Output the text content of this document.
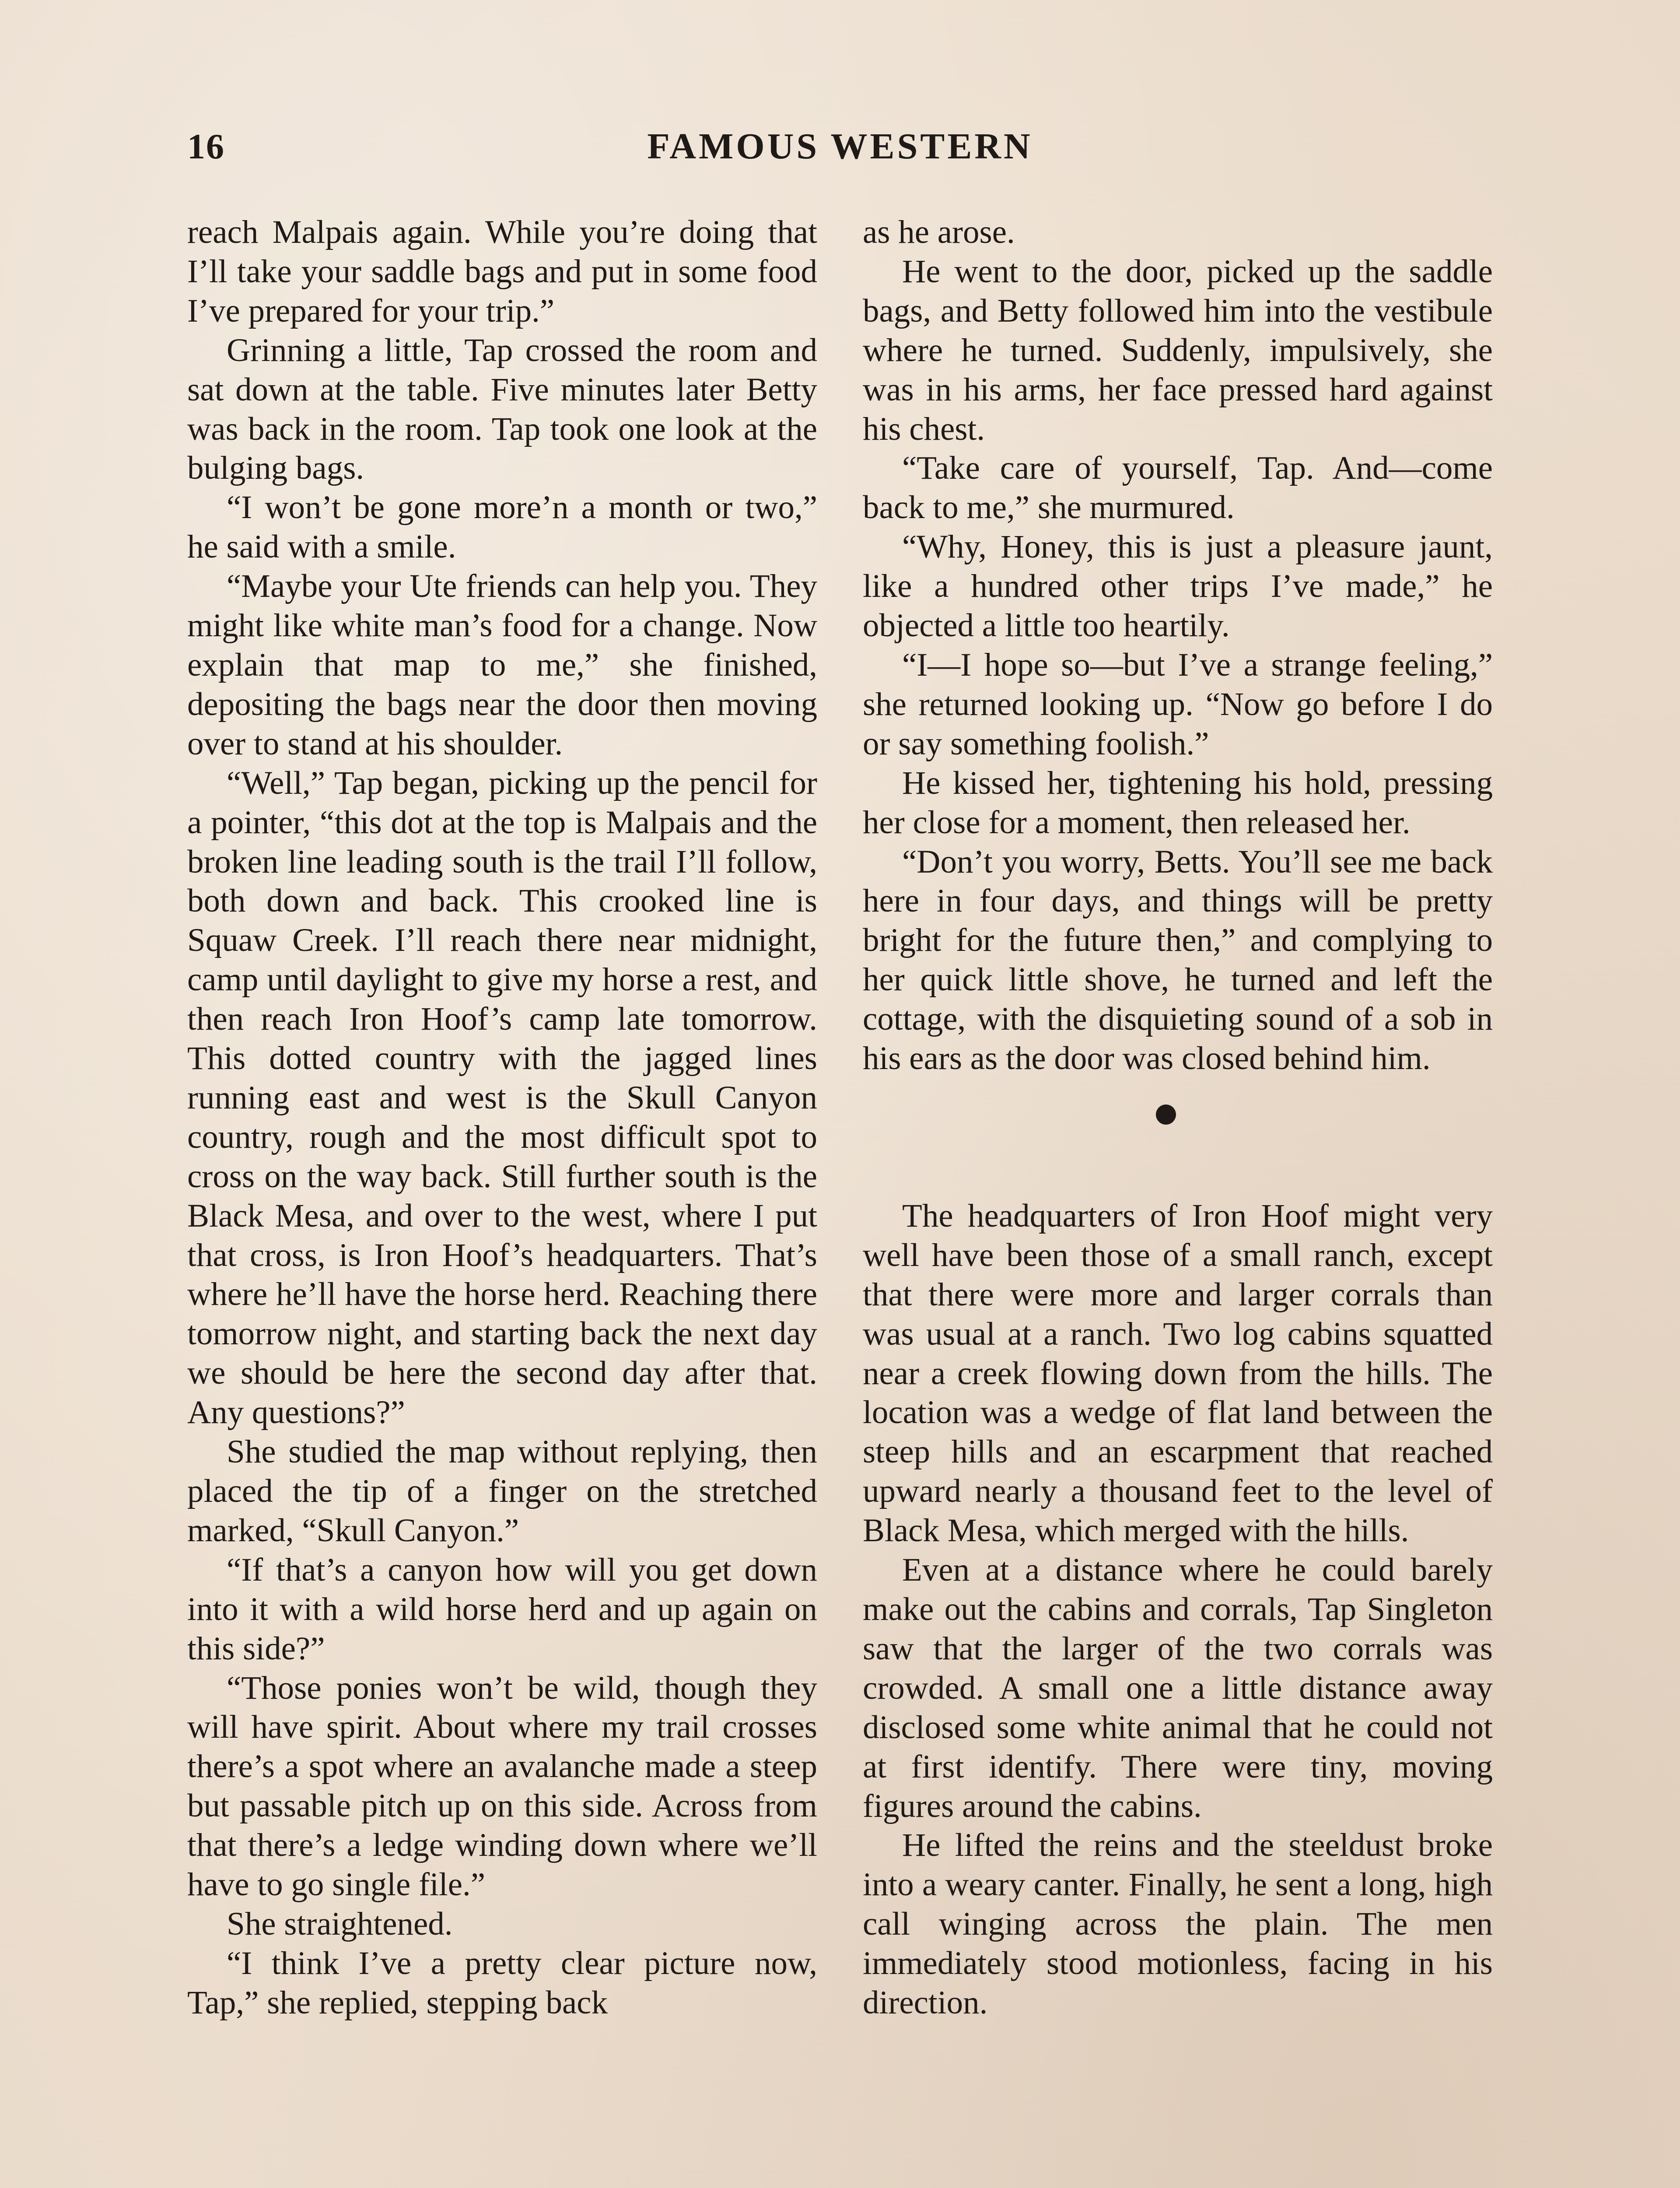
16	FAMOUS WESTERN

reach Malpais again. While you’re doing that I’ll take your saddle bags and put in some food I’ve prepared for your trip.”

Grinning a little, Tap crossed the room and sat down at the table. Five minutes later Betty was back in the room. Tap took one look at the bulging bags.

“I won’t be gone more’n a month or two,” he said with a smile.

“Maybe your Ute friends can help you. They might like white man’s food for a change. Now explain that map to me,” she finished, depositing the bags near the door then moving over to stand at his shoulder.

“Well,” Tap began, picking up the pencil for a pointer, “this dot at the top is Malpais and the broken line leading south is the trail I’ll follow, both down and back. This crooked line is Squaw Creek. I’ll reach there near midnight, camp until daylight to give my horse a rest, and then reach Iron Hoof’s camp late tomorrow. This dotted country with the jagged lines running east and west is the Skull Canyon country, rough and the most difficult spot to cross on the way back. Still further south is the Black Mesa, and over to the west, where I put that cross, is Iron Hoof’s headquarters. That’s where he’ll have the horse herd. Reaching there tomorrow night, and starting back the next day we should be here the second day after that. Any questions?”

She studied the map without replying, then placed the tip of a finger on the stretched marked, “Skull Canyon.”

“If that’s a canyon how will you get down into it with a wild horse herd and up again on this side?”

“Those ponies won’t be wild, though they will have spirit. About where my trail crosses there’s a spot where an avalanche made a steep but passable pitch up on this side. Across from that there’s a ledge winding down where we’ll have to go single file.”

She straightened.

“I think I’ve a pretty clear picture now, Tap,” she replied, stepping back

as he arose.

He went to the door, picked up the saddle bags, and Betty followed him into the vestibule where he turned. Suddenly, impulsively, she was in his arms, her face pressed hard against his chest.

“Take care of yourself, Tap. And—come back to me,” she murmured.

“Why, Honey, this is just a pleasure jaunt, like a hundred other trips I’ve made,” he objected a little too heartily.

“I—I hope so—but I’ve a strange feeling,” she returned looking up. “Now go before I do or say something foolish.”

He kissed her, tightening his hold, pressing her close for a moment, then released her.

“Don’t you worry, Betts. You’ll see me back here in four days, and things will be pretty bright for the future then,” and complying to her quick little shove, he turned and left the cottage, with the disquieting sound of a sob in his ears as the door was closed behind him.

The headquarters of Iron Hoof might very well have been those of a small ranch, except that there were more and larger corrals than was usual at a ranch. Two log cabins squatted near a creek flowing down from the hills. The location was a wedge of flat land between the steep hills and an escarpment that reached upward nearly a thousand feet to the level of Black Mesa, which merged with the hills.

Even at a distance where he could barely make out the cabins and corrals, Tap Singleton saw that the larger of the two corrals was crowded. A small one a little distance away disclosed some white animal that he could not at first identify. There were tiny, moving figures around the cabins.

He lifted the reins and the steeldust broke into a weary canter. Finally, he sent a long, high call winging across the plain. The men immediately stood motionless, facing in his direction.
